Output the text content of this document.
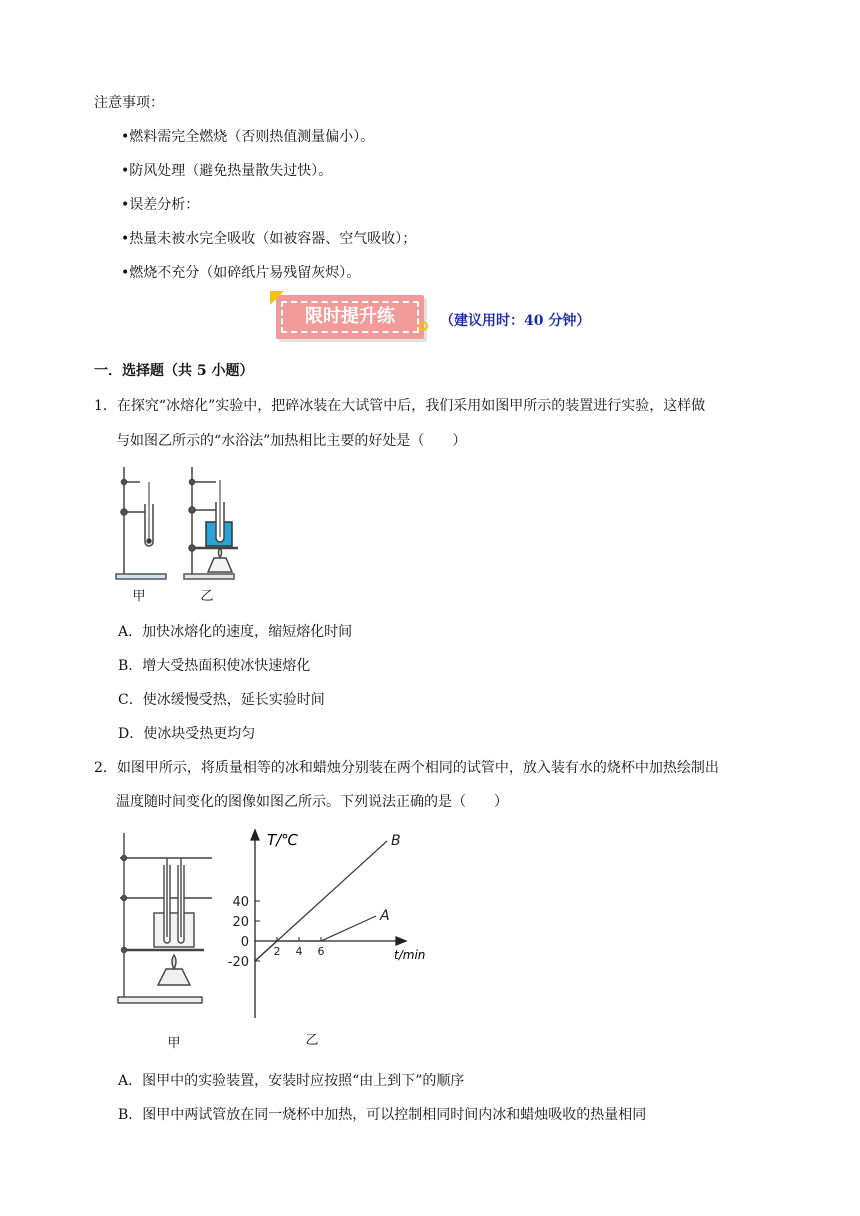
注意事项：
•燃料需完全燃烧（否则热值测量偏小）。
•防风处理（避免热量散失过快）。
•误差分析：
•热量未被水完全吸收（如被容器、空气吸收）；
•燃烧不充分（如碎纸片易残留灰烬）。
限时提升练	（建议用时：40 分钟）
一．选择题（共 5 小题）
1．在探究“冰熔化”实验中，把碎冰装在大试管中后，我们采用如图甲所示的装置进行实验，这样做
与如图乙所示的“水浴法”加热相比主要的好处是（　　）
甲	乙
A．加快冰熔化的速度，缩短熔化时间
B．增大受热面积使冰快速熔化
C．使冰缓慢受热，延长实验时间
D．使冰块受热更均匀
2．如图甲所示，将质量相等的冰和蜡烛分别装在两个相同的试管中，放入装有水的烧杯中加热绘制出
温度随时间变化的图像如图乙所示。下列说法正确的是（　　）
甲
40
20
0
-20
2 4 6
B
A
T/℃
t/min
乙
A．图甲中的实验装置，安装时应按照“由上到下”的顺序
B．图甲中两试管放在同一烧杯中加热，可以控制相同时间内冰和蜡烛吸收的热量相同
